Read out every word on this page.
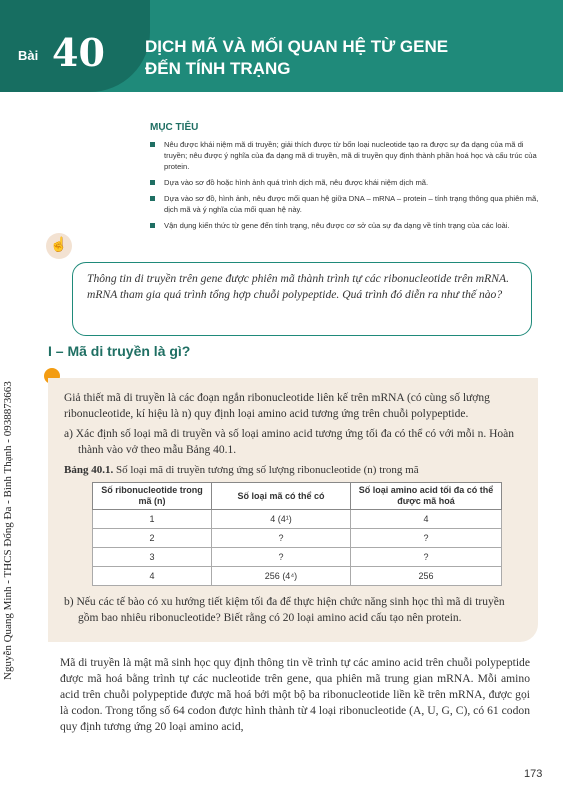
Bài 40 DỊCH MÃ VÀ MỐI QUAN HỆ TỪ GENE
ĐẾN TÍNH TRẠNG
Nguyễn Quang Minh - THCS Đống Đa - Bình Thạnh - 0938873663
MỤC TIÊU
Nêu được khái niệm mã di truyền; giải thích được từ bốn loại nucleotide tạo ra được sự đa dạng của mã di truyền; nêu được ý nghĩa của đa dạng mã di truyền, mã di truyền quy định thành phần hoá học và cấu trúc của protein.
Dựa vào sơ đồ hoặc hình ảnh quá trình dịch mã, nêu được khái niệm dịch mã.
Dựa vào sơ đồ, hình ảnh, nêu được mối quan hệ giữa DNA – mRNA – protein – tính trạng thông qua phiên mã, dịch mã và ý nghĩa của mối quan hệ này.
Vận dụng kiến thức từ gene đến tính trạng, nêu được cơ sở của sự đa dạng về tính trạng của các loài.
☝
Thông tin di truyền trên gene được phiên mã thành trình tự các ribonucleotide trên mRNA. mRNA tham gia quá trình tổng hợp chuỗi polypeptide. Quá trình đó diễn ra như thế nào?
I – Mã di truyền là gì?

Giả thiết mã di truyền là các đoạn ngắn ribonucleotide liên kế trên mRNA (có cùng số lượng ribonucleotide, kí hiệu là n) quy định loại amino acid tương ứng trên chuỗi polypeptide.

a) Xác định số loại mã di truyền và số loại amino acid tương ứng tối đa có thể có với mỗi n. Hoàn thành vào vở theo mẫu Bảng 40.1.

Bảng 40.1. Số loại mã di truyền tương ứng số lượng ribonucleotide (n) trong mã

Số ribonucleotide trong mã (n)	Số loại mã có thể có	Số loại amino acid tối đa có thể được mã hoá
1	4 (4¹)	4
2	?	?
3	?	?
4	256 (4⁴)	256

b) Nếu các tế bào có xu hướng tiết kiệm tối đa để thực hiện chức năng sinh học thì mã di truyền gồm bao nhiêu ribonucleotide? Biết rằng có 20 loại amino acid cấu tạo nên protein.

Mã di truyền là mật mã sinh học quy định thông tin về trình tự các amino acid trên chuỗi polypeptide được mã hoá bằng trình tự các nucleotide trên gene, qua phiên mã trung gian mRNA. Mỗi amino acid trên chuỗi polypeptide được mã hoá bởi một bộ ba ribonucleotide liền kề trên mRNA, được gọi là codon. Trong tổng số 64 codon được hình thành từ 4 loại ribonucleotide (A, U, G, C), có 61 codon quy định tương ứng 20 loại amino acid,
173
